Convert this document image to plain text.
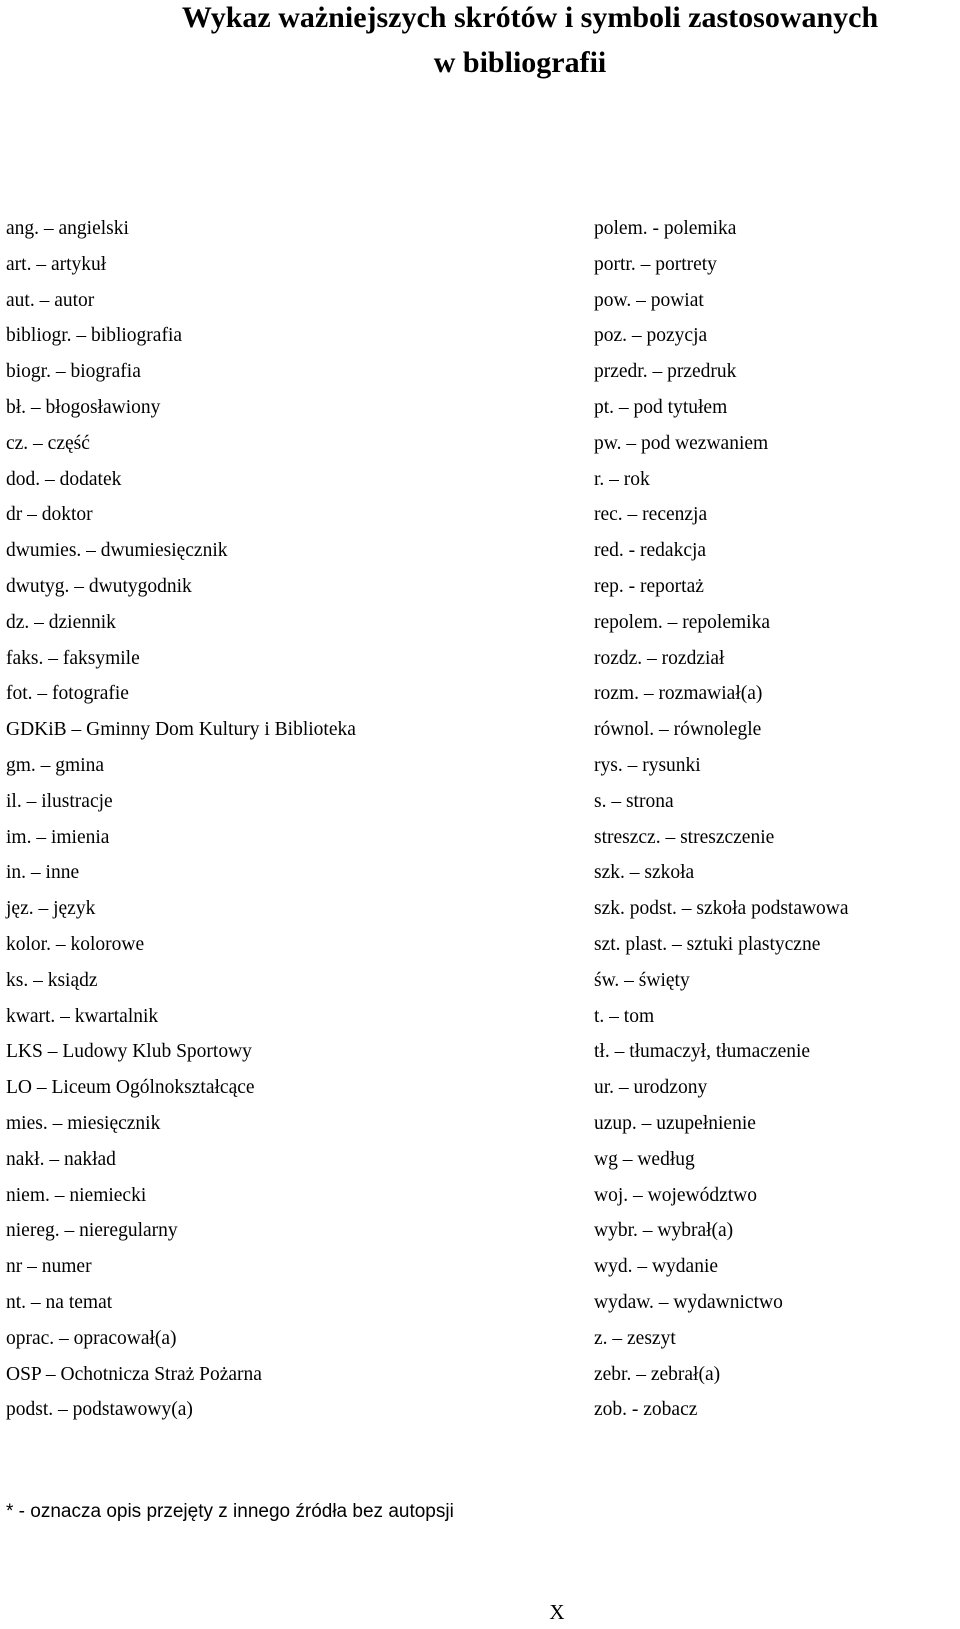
Wykaz ważniejszych skrótów i symboli zastosowanych
w bibliografii
ang. – angielski
art. – artykuł
aut. – autor
bibliogr. – bibliografia
biogr. – biografia
bł. – błogosławiony
cz. – część
dod. – dodatek
dr – doktor
dwumies. – dwumiesięcznik
dwutyg. – dwutygodnik
dz. – dziennik
faks. – faksymile
fot. – fotografie
GDKiB – Gminny Dom Kultury i Biblioteka
gm. – gmina
il. – ilustracje
im. – imienia
in. – inne
jęz. – język
kolor. – kolorowe
ks. – ksiądz
kwart. – kwartalnik
LKS – Ludowy Klub Sportowy
LO – Liceum Ogólnokształcące
mies. – miesięcznik
nakł. – nakład
niem. – niemiecki
niereg. – nieregularny
nr – numer
nt. – na temat
oprac. – opracował(a)
OSP – Ochotnicza Straż Pożarna
podst. – podstawowy(a)
polem. - polemika
portr. – portrety
pow. – powiat
poz. – pozycja
przedr. – przedruk
pt. – pod tytułem
pw. – pod wezwaniem
r. – rok
rec. – recenzja
red. - redakcja
rep. - reportaż
repolem. – repolemika
rozdz. – rozdział
rozm. – rozmawiał(a)
równol. – równolegle
rys. – rysunki
s. – strona
streszcz. – streszczenie
szk. – szkoła
szk. podst. – szkoła podstawowa
szt. plast. – sztuki plastyczne
św. – święty
t. – tom
tł. – tłumaczył, tłumaczenie
ur. – urodzony
uzup. – uzupełnienie
wg – według
woj. – województwo
wybr. – wybrał(a)
wyd. – wydanie
wydaw. – wydawnictwo
z. – zeszyt
zebr. – zebrał(a)
zob. - zobacz
* - oznacza opis przejęty z innego źródła bez autopsji
X
